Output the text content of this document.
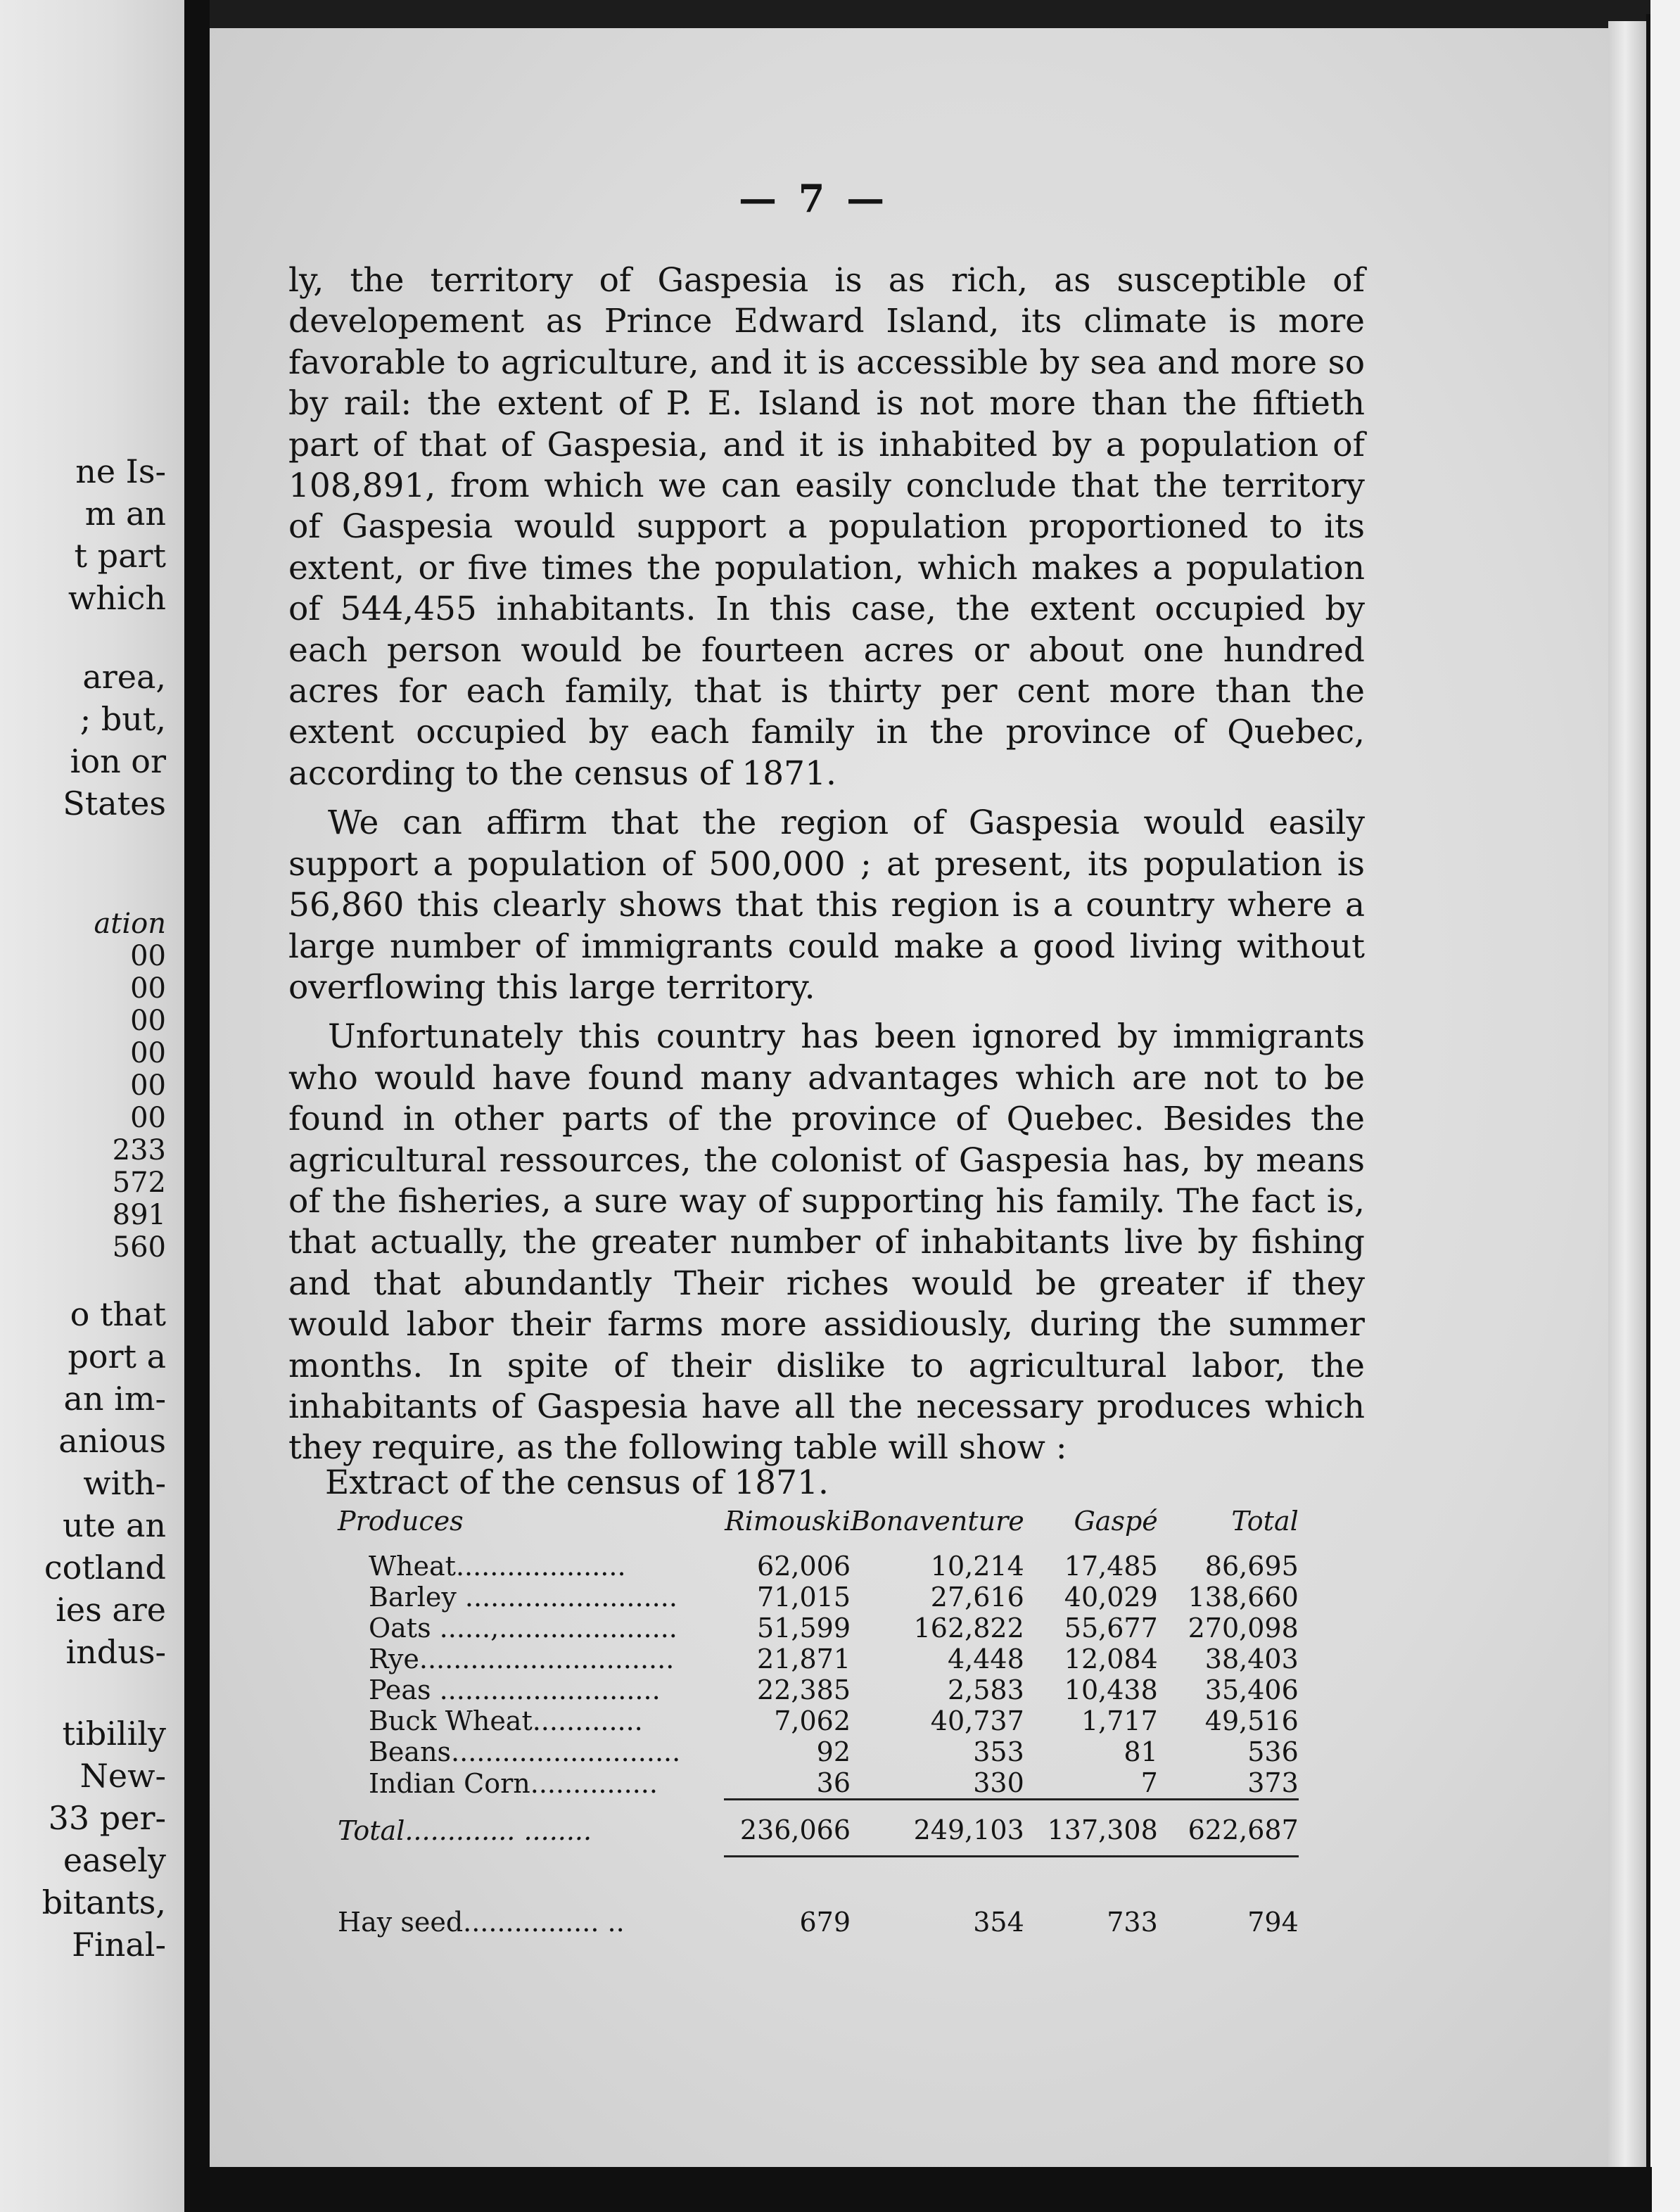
ne Is-
m an
t part
which
area,
; but,
ion or
States
ation
00
00
00
00
00
00
233
572
891
560
o that
port a
an im-
anious
with-
ute an
cotland
ies are
indus-
tibilily
New-
33 per-
easely
bitants,
Final-
— 7 —

ly, the territory of Gaspesia is as rich, as susceptible of developement as Prince Edward Island, its climate is more favorable to agriculture, and it is accessible by sea and more so by rail: the extent of P. E. Island is not more than the fiftieth part of that of Gaspesia, and it is inhabited by a population of 108,891, from which we can easily conclude that the territory of Gaspesia would support a population proportioned to its extent, or five times the population, which makes a population of 544,455 inhabitants. In this case, the extent occupied by each person would be fourteen acres or about one hundred acres for each family, that is thirty per cent more than the extent occupied by each family in the province of Quebec, according to the census of 1871.

We can affirm that the region of Gaspesia would easily support a population of 500,000 ; at present, its population is 56,860 this clearly shows that this region is a country where a large number of immigrants could make a good living without overflowing this large territory.

Unfortunately this country has been ignored by immigrants who would have found many advantages which are not to be found in other parts of the province of Quebec. Besides the agricultural ressources, the colonist of Gaspesia has, by means of the fisheries, a sure way of supporting his family. The fact is, that actually, the greater number of inhabitants live by fishing and that abundantly Their riches would be greater if they would labor their farms more assidiously, during the summer months. In spite of their dislike to agricultural labor, the inhabitants of Gaspesia have all the necessary produces which they require, as the following table will show :

Extract of the census of 1871.
Produces	Rimouski	Bonaventure	Gaspé	Total
Wheat....................	62,006	10,214	17,485	86,695
Barley .........................	71,015	27,616	40,029	138,660
Oats ......,.....................	51,599	162,822	55,677	270,098
Rye..............................	21,871	4,448	12,084	38,403
Peas ..........................	22,385	2,583	10,438	35,406
Buck Wheat.............	7,062	40,737	1,717	49,516
Beans...........................	92	353	81	536
Indian Corn...............	36	330	7	373

Total............. ........	236,066	249,103	137,308	622,687

Hay seed................ ..	679	354	733	794
